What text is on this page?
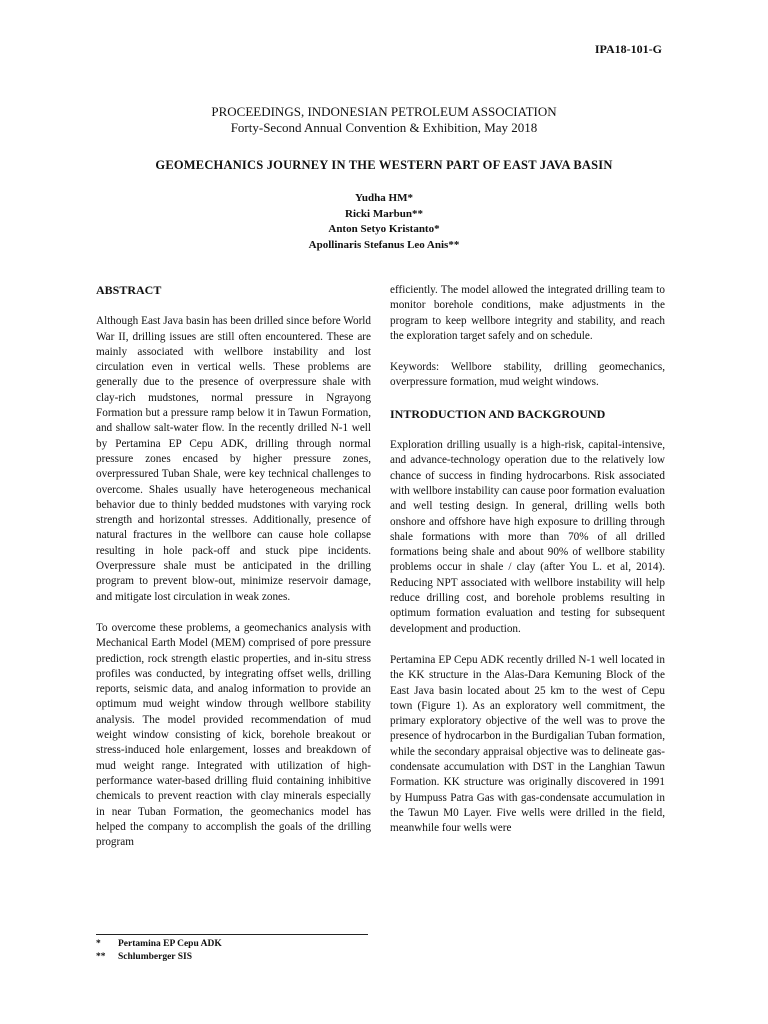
IPA18-101-G
PROCEEDINGS, INDONESIAN PETROLEUM ASSOCIATION
Forty-Second Annual Convention & Exhibition, May 2018
GEOMECHANICS JOURNEY IN THE WESTERN PART OF EAST JAVA BASIN
Yudha HM*
Ricki Marbun**
Anton Setyo Kristanto*
Apollinaris Stefanus Leo Anis**
ABSTRACT

Although East Java basin has been drilled since before World War II, drilling issues are still often encountered. These are mainly associated with wellbore instability and lost circulation even in vertical wells. These problems are generally due to the presence of overpressure shale with clay-rich mudstones, normal pressure in Ngrayong Formation but a pressure ramp below it in Tawun Formation, and shallow salt-water flow. In the recently drilled N-1 well by Pertamina EP Cepu ADK, drilling through normal pressure zones encased by higher pressure zones, overpressured Tuban Shale, were key technical challenges to overcome. Shales usually have heterogeneous mechanical behavior due to thinly bedded mudstones with varying rock strength and horizontal stresses. Additionally, presence of natural fractures in the wellbore can cause hole collapse resulting in hole pack-off and stuck pipe incidents. Overpressure shale must be anticipated in the drilling program to prevent blow-out, minimize reservoir damage, and mitigate lost circulation in weak zones.

To overcome these problems, a geomechanics analysis with Mechanical Earth Model (MEM) comprised of pore pressure prediction, rock strength elastic properties, and in-situ stress profiles was conducted, by integrating offset wells, drilling reports, seismic data, and analog information to provide an optimum mud weight window through wellbore stability analysis. The model provided recommendation of mud weight window consisting of kick, borehole breakout or stress-induced hole enlargement, losses and breakdown of mud weight range. Integrated with utilization of high-performance water-based drilling fluid containing inhibitive chemicals to prevent reaction with clay minerals especially in near Tuban Formation, the geomechanics model has helped the company to accomplish the goals of the drilling program

efficiently. The model allowed the integrated drilling team to monitor borehole conditions, make adjustments in the program to keep wellbore integrity and stability, and reach the exploration target safely and on schedule.

Keywords: Wellbore stability, drilling geomechanics, overpressure formation, mud weight windows.

INTRODUCTION AND BACKGROUND

Exploration drilling usually is a high-risk, capital-intensive, and advance-technology operation due to the relatively low chance of success in finding hydrocarbons. Risk associated with wellbore instability can cause poor formation evaluation and well testing design. In general, drilling wells both onshore and offshore have high exposure to drilling through shale formations with more than 70% of all drilled formations being shale and about 90% of wellbore stability problems occur in shale / clay (after You L. et al, 2014). Reducing NPT associated with wellbore instability will help reduce drilling cost, and borehole problems resulting in optimum formation evaluation and testing for subsequent development and production.

Pertamina EP Cepu ADK recently drilled N-1 well located in the KK structure in the Alas-Dara Kemuning Block of the East Java basin located about 25 km to the west of Cepu town (Figure 1). As an exploratory well commitment, the primary exploratory objective of the well was to prove the presence of hydrocarbon in the Burdigalian Tuban formation, while the secondary appraisal objective was to delineate gas-condensate accumulation with DST in the Langhian Tawun Formation. KK structure was originally discovered in 1991 by Humpuss Patra Gas with gas-condensate accumulation in the Tawun M0 Layer. Five wells were drilled in the field, meanwhile four wells were

*	Pertamina EP Cepu ADK
**	Schlumberger SIS
